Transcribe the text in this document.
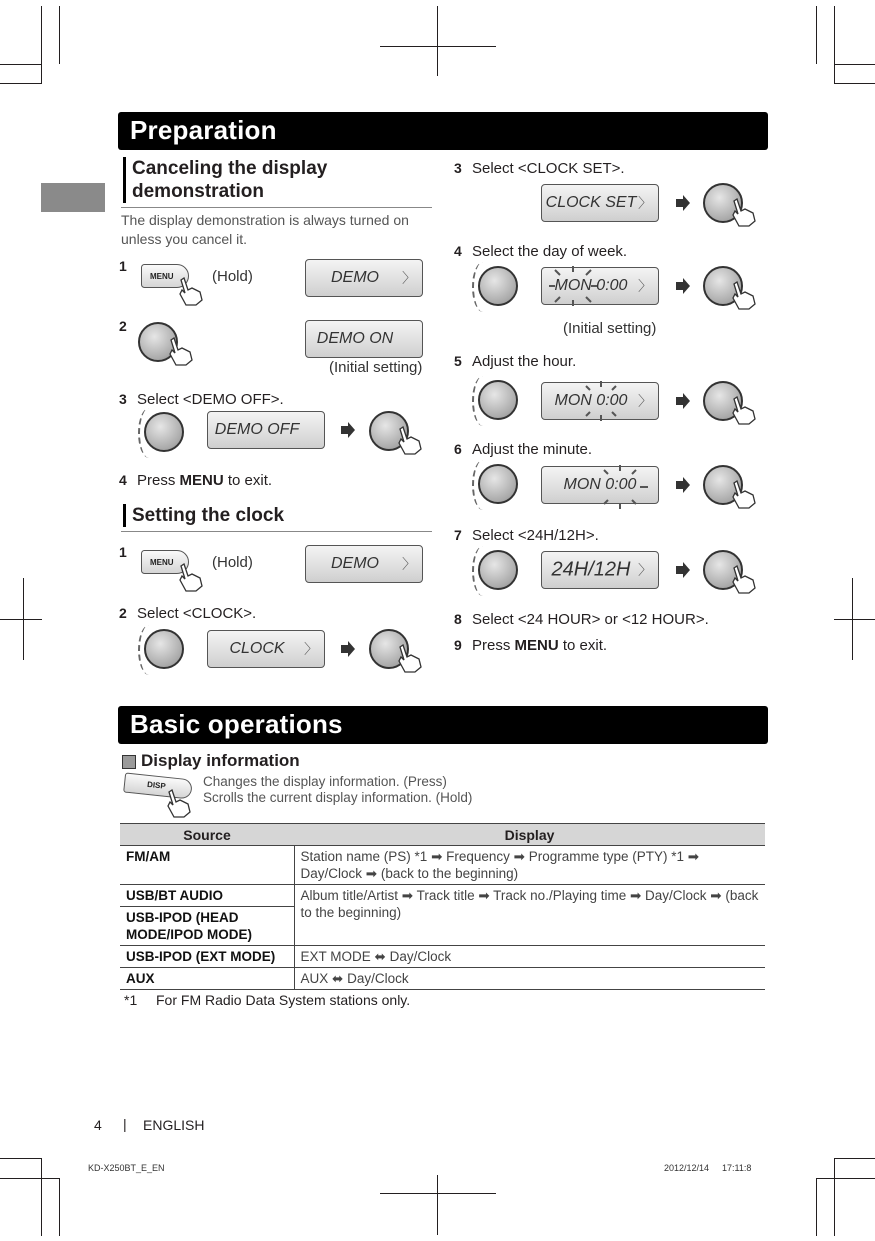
Preparation
Canceling the display
demonstration
The display demonstration is always turned on
unless you cancel it.
1
MENU	(Hold)	DEMO	〉
2
DEMO ON
(Initial setting)
3 Select <DEMO OFF>.
DEMO OFF
4 Press MENU to exit.
Setting the clock
1
MENU	(Hold)	DEMO	〉
2 Select <CLOCK>.
CLOCK	〉
3 Select <CLOCK SET>.
CLOCK SET 〉
4 Select the day of week.
MON 0:00 〉
(Initial setting)
5 Adjust the hour.
MON 0:00 〉
6 Adjust the minute.
MON 0:00
7 Select <24H/12H>.
24H/12H 〉
8 Select <24 HOUR> or <12 HOUR>.
9 Press MENU to exit.
Basic operations
Display information
DISP	Changes the display information. (Press)
Scrolls the current display information. (Hold)
Source	Display
FM/AM	Station name (PS) *1 ➡ Frequency ➡ Programme type (PTY) *1 ➡ Day/Clock ➡ (back to the beginning)
USB/BT AUDIO	Album title/Artist ➡ Track title ➡ Track no./Playing time ➡ Day/Clock ➡ (back to the beginning)
USB-IPOD (HEAD MODE/IPOD MODE)	
USB-IPOD (EXT MODE)	EXT MODE ⬌ Day/Clock
AUX	AUX ⬌ Day/Clock
*1 For FM Radio Data System stations only.
4 | ENGLISH
KD-X250BT_E_EN	2012/12/14 17:11:8
